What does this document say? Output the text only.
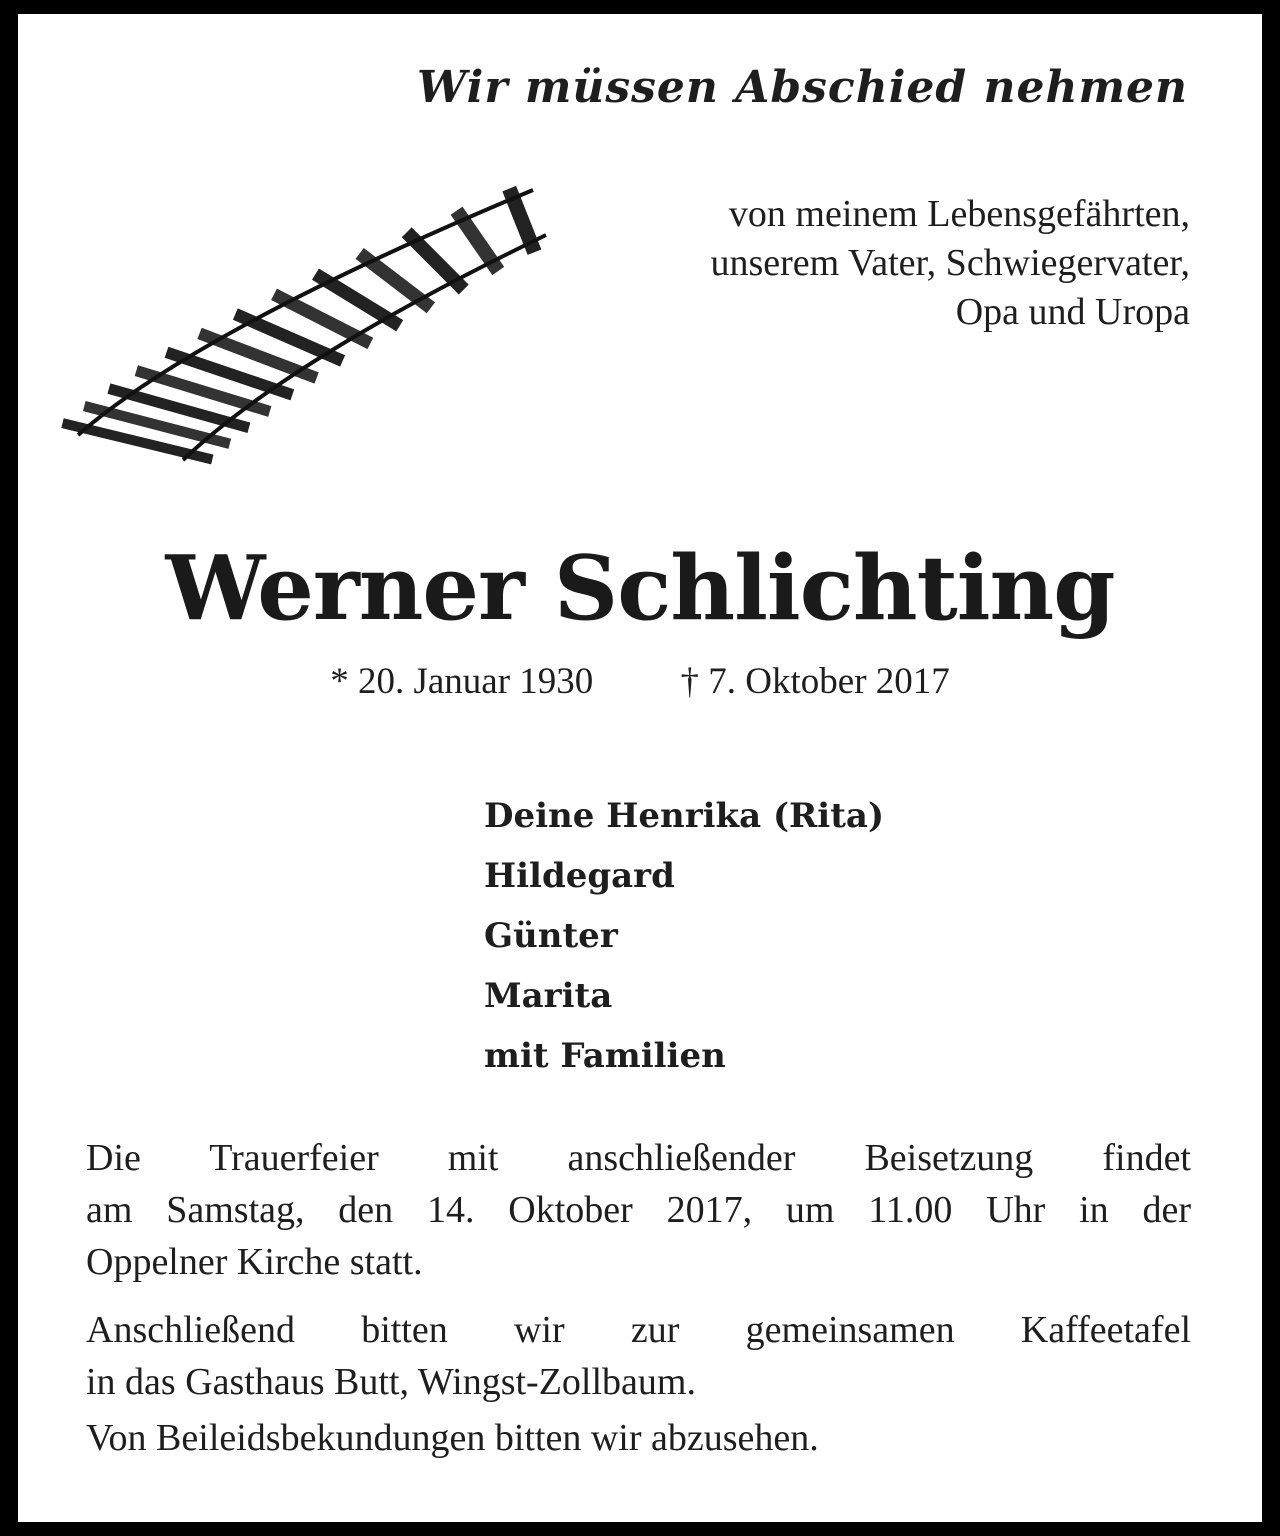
Wir müssen Abschied nehmen
von meinem Lebensgefährten,
unserem Vater, Schwiegervater,
Opa und Uropa
Werner Schlichting
* 20. Januar 1930 † 7. Oktober 2017
Deine Henrika (Rita)
Hildegard
Günter
Marita
mit Familien

Die Trauerfeier mit anschließender Beisetzung findet
am Samstag, den 14. Oktober 2017, um 11.00 Uhr in der
Oppelner Kirche statt.

Anschließend bitten wir zur gemeinsamen Kaffeetafel
in das Gasthaus Butt, Wingst-Zollbaum.

Von Beileidsbekundungen bitten wir abzusehen.
